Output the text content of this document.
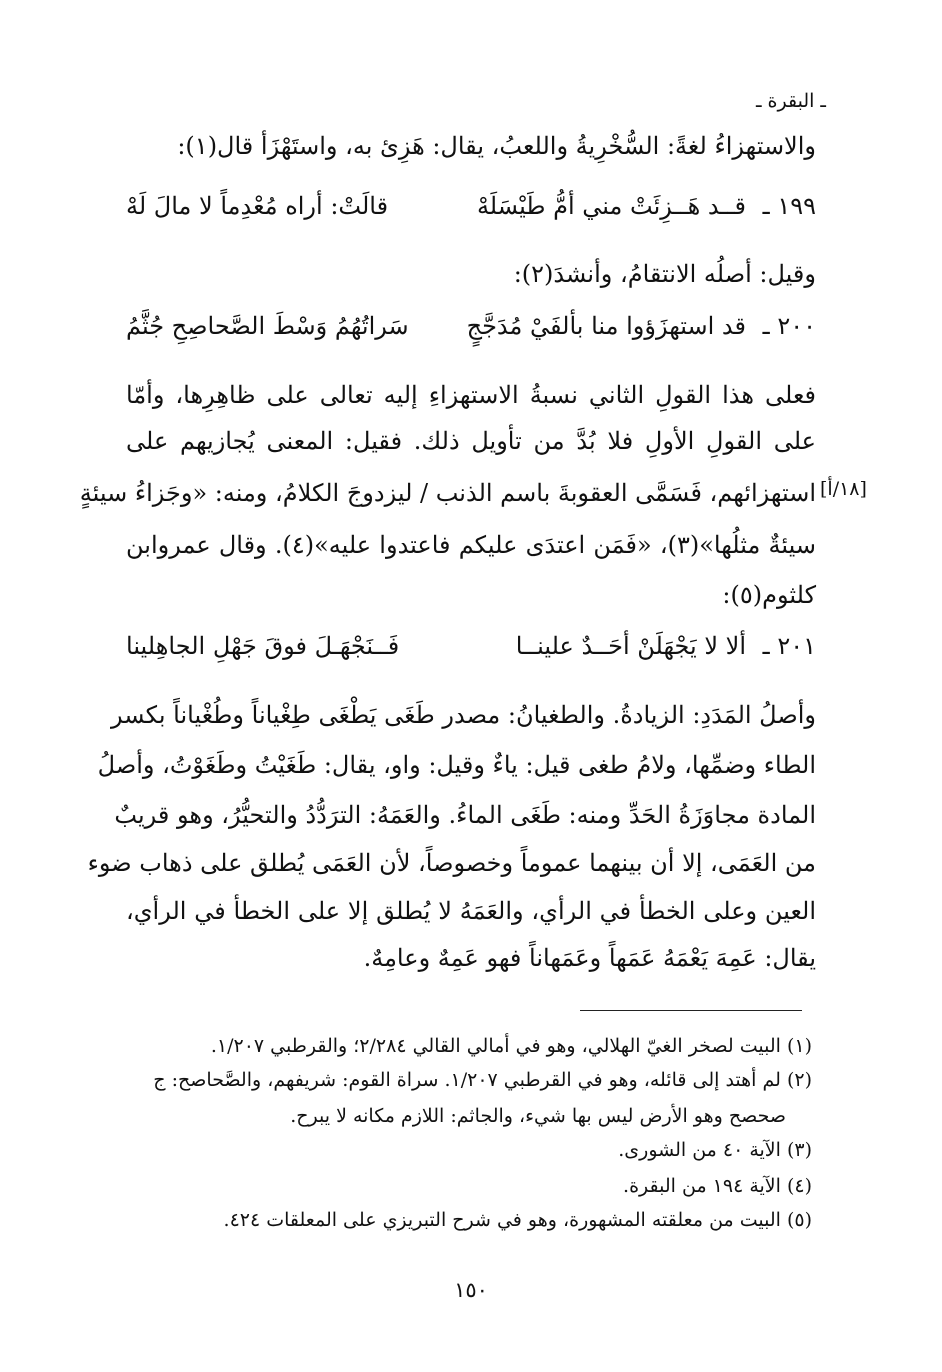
ـ البقرة ـ
والاستهزاءُ لغةً: السُّخْرِيةُ واللعبُ، يقال: هَزِئ به، واستَهْزَأ قال(١):
١٩٩ ـ
قــد هَــزِئَتْ مني أمُّ طَيْسَلَهْ
قالَتْ: أراه مُعْدِماً لا مالَ لَهْ
وقيل: أصلُه الانتقامُ، وأنشدَ(٢):
٢٠٠ ـ
قد استهزَؤوا منا بألفَيْ مُدَجَّجٍ
سَراتُهُمُ وَسْطَ الصَّحاصِحِ جُثَّمُ
فعلى هذا القولِ الثاني نسبةُ الاستهزاءِ إليه تعالى على ظاهِرِها، وأمّا
على القولِ الأولِ فلا بُدَّ من تأويل ذلك. فقيل: المعنى يُجازيهم على
استهزائهم، فَسَمَّى العقوبةَ باسم الذنب / ليزدوجَ الكلامُ، ومنه: «وجَزاءُ سيئةٍ [١٨/أ]
سيئةٌ مثلُها»(٣)، «فَمَن اعتدَى عليكم فاعتدوا عليه»(٤). وقال عمروابن
كلثوم(٥):
٢٠١ ـ
ألا لا يَجْهَلَنْ أحَــدٌ علينــا
فَــنَجْهَـلَ فوقَ جَهْلِ الجاهِلينا
وأصلُ المَدَدِ: الزيادةُ. والطغيانُ: مصدر طَغَى يَطْغَى طِغْياناً وطُغْياناً بكسر
الطاء وضمِّها، ولامُ طغى قيل: ياءٌ وقيل: واو، يقال: طَغَيْتُ وطَغَوْتُ، وأصلُ
المادة مجاوَزَةُ الحَدِّ ومنه: طَغَى الماءُ. والعَمَهُ: الترَدُّدُ والتحيُّرُ، وهو قريبٌ
من العَمَى، إلا أن بينهما عموماً وخصوصاً، لأن العَمَى يُطلق على ذهاب ضوء
العين وعلى الخطأ في الرأي، والعَمَهُ لا يُطلق إلا على الخطأ في الرأي،
يقال: عَمِهَ يَعْمَهُ عَمَهاً وعَمَهاناً فهو عَمِهٌ وعامِهٌ.
(١)البيت لصخر الغيّ الهلالي، وهو في أمالي القالي ٢/٢٨٤؛ والقرطبي ١/٢٠٧.
(٢)لم أهتد إلى قائله، وهو في القرطبي ١/٢٠٧. سراة القوم: شريفهم، والصَّحاصح: ج
صحصح وهو الأرض ليس بها شيء، والجاثم: اللازم مكانه لا يبرح.
(٣)الآية ٤٠ من الشورى.
(٤)الآية ١٩٤ من البقرة.
(٥)البيت من معلقته المشهورة، وهو في شرح التبريزي على المعلقات ٤٢٤.
١٥٠
